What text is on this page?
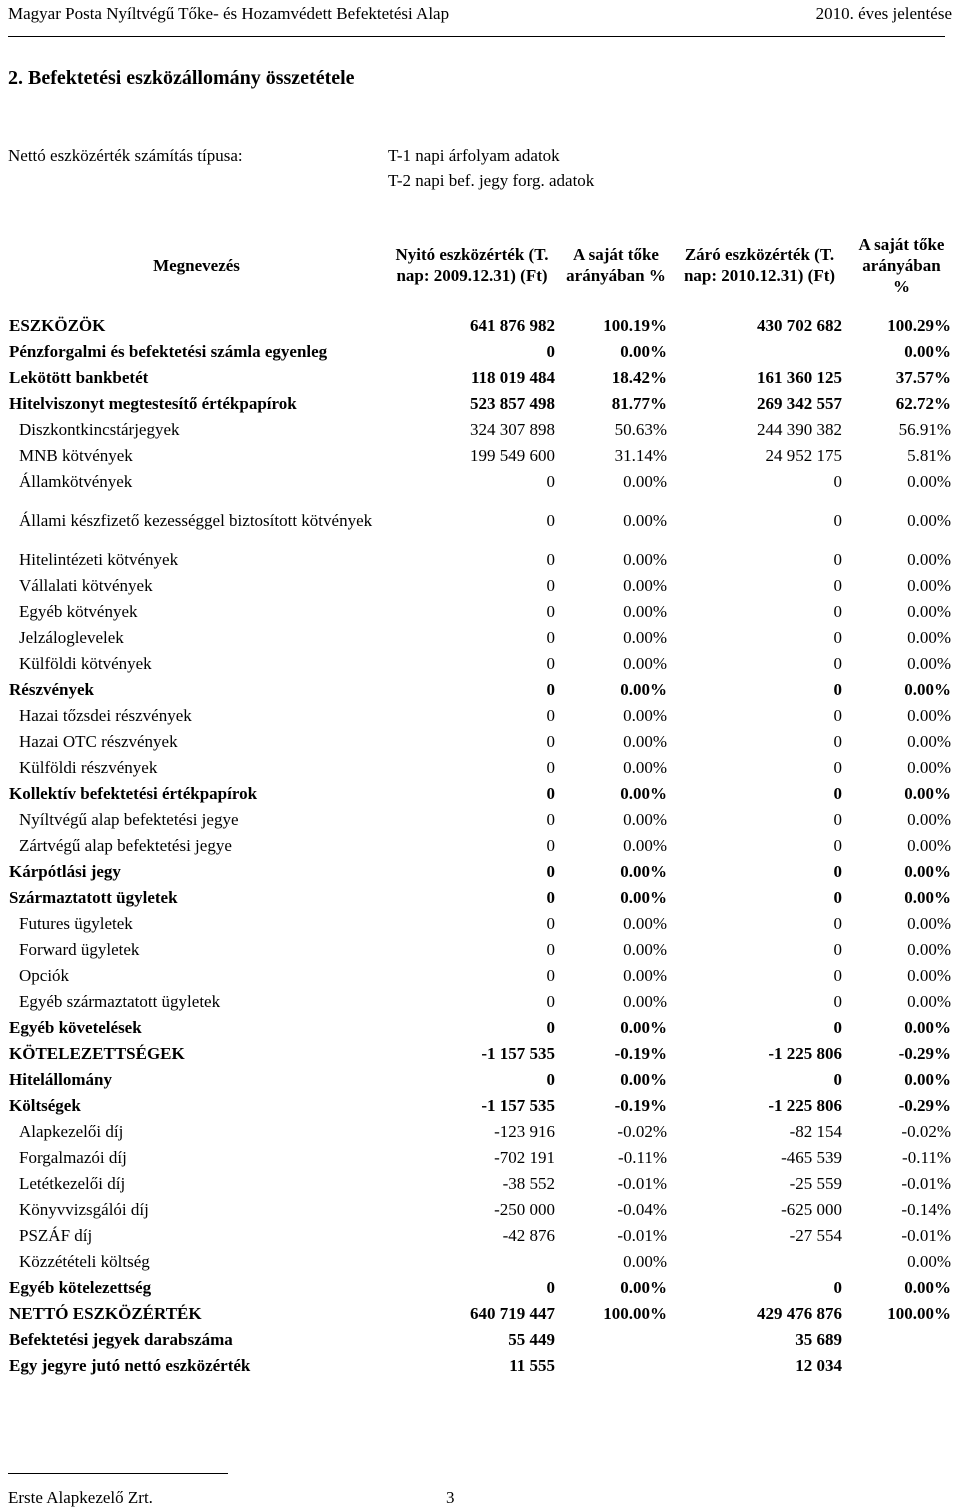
Magyar Posta Nyíltvégű Tőke- és Hozamvédett Befektetési Alap	2010. éves jelentése
2. Befektetési eszközállomány összetétele
Nettó eszközérték számítás típusa:	T-1 napi árfolyam adatok
T-2 napi bef. jegy forg. adatok
Megnevezés	Nyitó eszközérték (T. nap: 2009.12.31) (Ft)	A saját tőke arányában %	Záró eszközérték (T. nap: 2010.12.31) (Ft)	A saját tőke arányában %
ESZKÖZÖK	641 876 982	100.19%	430 702 682	100.29%
Pénzforgalmi és befektetési számla egyenleg	0	0.00%		0.00%
Lekötött bankbetét	118 019 484	18.42%	161 360 125	37.57%
Hitelviszonyt megtestesítő értékpapírok	523 857 498	81.77%	269 342 557	62.72%
Diszkontkincstárjegyek	324 307 898	50.63%	244 390 382	56.91%
MNB kötvények	199 549 600	31.14%	24 952 175	5.81%
Államkötvények	0	0.00%	0	0.00%
Állami készfizető kezességgel biztosított kötvények	0	0.00%	0	0.00%
Hitelintézeti kötvények	0	0.00%	0	0.00%
Vállalati kötvények	0	0.00%	0	0.00%
Egyéb kötvények	0	0.00%	0	0.00%
Jelzáloglevelek	0	0.00%	0	0.00%
Külföldi kötvények	0	0.00%	0	0.00%
Részvények	0	0.00%	0	0.00%
Hazai tőzsdei részvények	0	0.00%	0	0.00%
Hazai OTC részvények	0	0.00%	0	0.00%
Külföldi részvények	0	0.00%	0	0.00%
Kollektív befektetési értékpapírok	0	0.00%	0	0.00%
Nyíltvégű alap befektetési jegye	0	0.00%	0	0.00%
Zártvégű alap befektetési jegye	0	0.00%	0	0.00%
Kárpótlási jegy	0	0.00%	0	0.00%
Származtatott ügyletek	0	0.00%	0	0.00%
Futures ügyletek	0	0.00%	0	0.00%
Forward ügyletek	0	0.00%	0	0.00%
Opciók	0	0.00%	0	0.00%
Egyéb származtatott ügyletek	0	0.00%	0	0.00%
Egyéb követelések	0	0.00%	0	0.00%
KÖTELEZETTSÉGEK	-1 157 535	-0.19%	-1 225 806	-0.29%
Hitelállomány	0	0.00%	0	0.00%
Költségek	-1 157 535	-0.19%	-1 225 806	-0.29%
Alapkezelői díj	-123 916	-0.02%	-82 154	-0.02%
Forgalmazói díj	-702 191	-0.11%	-465 539	-0.11%
Letétkezelői díj	-38 552	-0.01%	-25 559	-0.01%
Könyvvizsgálói díj	-250 000	-0.04%	-625 000	-0.14%
PSZÁF díj	-42 876	-0.01%	-27 554	-0.01%
Közzétételi költség		0.00%		0.00%
Egyéb kötelezettség	0	0.00%	0	0.00%
NETTÓ ESZKÖZÉRTÉK	640 719 447	100.00%	429 476 876	100.00%
Befektetési jegyek darabszáma	55 449		35 689	
Egy jegyre jutó nettó eszközérték	11 555		12 034	
Erste Alapkezelő Zrt.	3
